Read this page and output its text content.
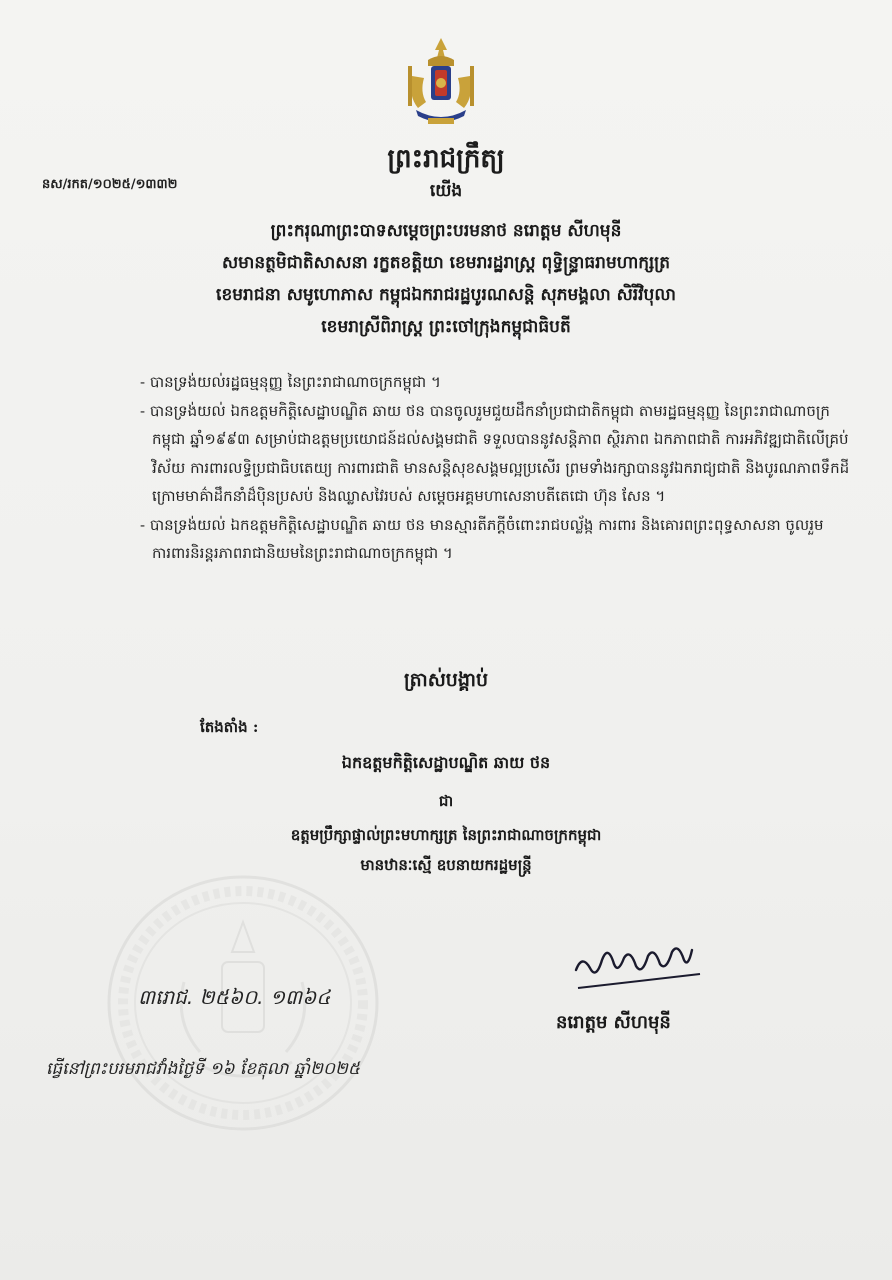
ព្រះរាជក្រឹត្យ
នស/រកត/១០២៥/១៣៣២	យើង
ព្រះករុណាព្រះបាទសម្តេចព្រះបរមនាថ នរោត្តម សីហមុនី
សមានត្ថមិជាតិសាសនា រក្ខតខត្តិយា ខេមរារដ្ឋរាស្ត្រ ពុទ្ធិន្ទ្រាធរាមហាក្សត្រ
ខេមរាជនា សមូហោភាស កម្ពុជឯករាជរដ្ឋបូរណសន្តិ សុភមង្គលា សិរីវិបុលា
ខេមរាស្រីពិរាស្ត្រ ព្រះចៅក្រុងកម្ពុជាធិបតី

- បានទ្រង់យល់រដ្ឋធម្មនុញ្ញ នៃព្រះរាជាណាចក្រកម្ពុជា ។

- បានទ្រង់យល់ ឯកឧត្តមកិត្តិសេដ្ឋាបណ្ឌិត ឆាយ ថន បានចូលរួមជួយដឹកនាំប្រជាជាតិកម្ពុជា តាមរដ្ឋធម្មនុញ្ញ នៃព្រះរាជាណាចក្រកម្ពុជា ឆ្នាំ១៩៩៣ សម្រាប់ជាឧត្តមប្រយោជន៍ដល់សង្គមជាតិ ទទួលបាននូវសន្តិភាព ស្ថិរភាព ឯកភាពជាតិ ការអភិវឌ្ឍជាតិលើគ្រប់វិស័យ ការពារលទ្ធិប្រជាធិបតេយ្យ ការពារជាតិ មានសន្តិសុខសង្គមល្អប្រសើរ ព្រមទាំងរក្សាបាននូវឯករាជ្យជាតិ និងបូរណភាពទឹកដី ក្រោមមាគ៌ាដឹកនាំដ៏ប៉ិនប្រសប់ និងឈ្លាសវៃរបស់ សម្តេចអគ្គមហាសេនាបតីតេជោ ហ៊ុន សែន ។

- បានទ្រង់យល់ ឯកឧត្តមកិត្តិសេដ្ឋាបណ្ឌិត ឆាយ ថន មានស្មារតីភក្តីចំពោះរាជបល្ល័ង្ក ការពារ និងគោរពព្រះពុទ្ធសាសនា ចូលរួមការពារនិរន្តរភាពរាជានិយមនៃព្រះរាជាណាចក្រកម្ពុជា ។

ត្រាស់បង្គាប់
តែងតាំង :
ឯកឧត្តមកិត្តិសេដ្ឋាបណ្ឌិត ឆាយ ថន
ជា
ឧត្តមប្រឹក្សាផ្ទាល់ព្រះមហាក្សត្រ នៃព្រះរាជាណាចក្រកម្ពុជា
មានឋានៈស្មើ ឧបនាយករដ្ឋមន្ត្រី
៣រោជ. ២៥៦០. ១៣៦៤
នរោត្តម សីហមុនី
ធ្វើនៅព្រះបរមរាជវាំងថ្ងៃទី ១៦ ខែតុលា ឆ្នាំ២០២៥
